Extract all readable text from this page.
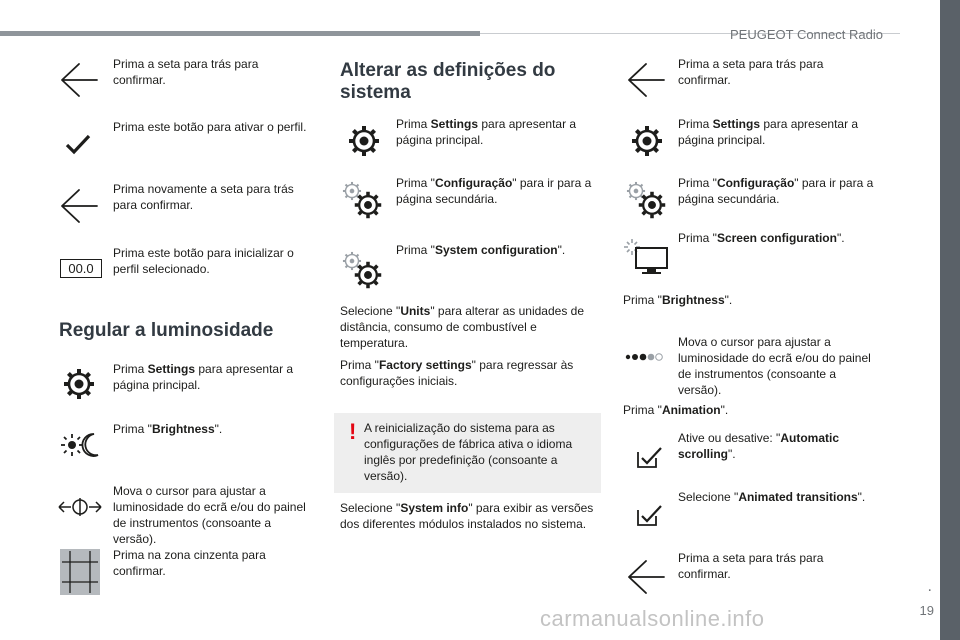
PEUGEOT Connect Radio
.
19
carmanualsonline.info
Prima a seta para trás para confirmar.
Prima este botão para ativar o perfil.
Prima novamente a seta para trás para confirmar.
00.0
Prima este botão para inicializar o perfil selecionado.
Regular a luminosidade
Prima Settings para apresentar a página principal.
Prima "Brightness".
Mova o cursor para ajustar a luminosidade do ecrã e/ou do painel de instrumentos (consoante a versão).
Prima na zona cinzenta para confirmar.
Alterar as definições do sistema
Prima Settings para apresentar a página principal.
Prima "Configuração" para ir para a página secundária.
Prima "System configuration".
Selecione "Units" para alterar as unidades de distância, consumo de combustível e temperatura.
Prima "Factory settings" para regressar às configurações iniciais.
! A reinicialização do sistema para as configurações de fábrica ativa o idioma inglês por predefinição (consoante a versão).
Selecione "System info" para exibir as versões dos diferentes módulos instalados no sistema.
Prima a seta para trás para confirmar.
Prima Settings para apresentar a página principal.
Prima "Configuração" para ir para a página secundária.
Prima "Screen configuration".
Prima "Brightness".
Mova o cursor para ajustar a luminosidade do ecrã e/ou do painel de instrumentos (consoante a versão).
Prima "Animation".
Ative ou desative: "Automatic scrolling".
Selecione "Animated transitions".
Prima a seta para trás para confirmar.
